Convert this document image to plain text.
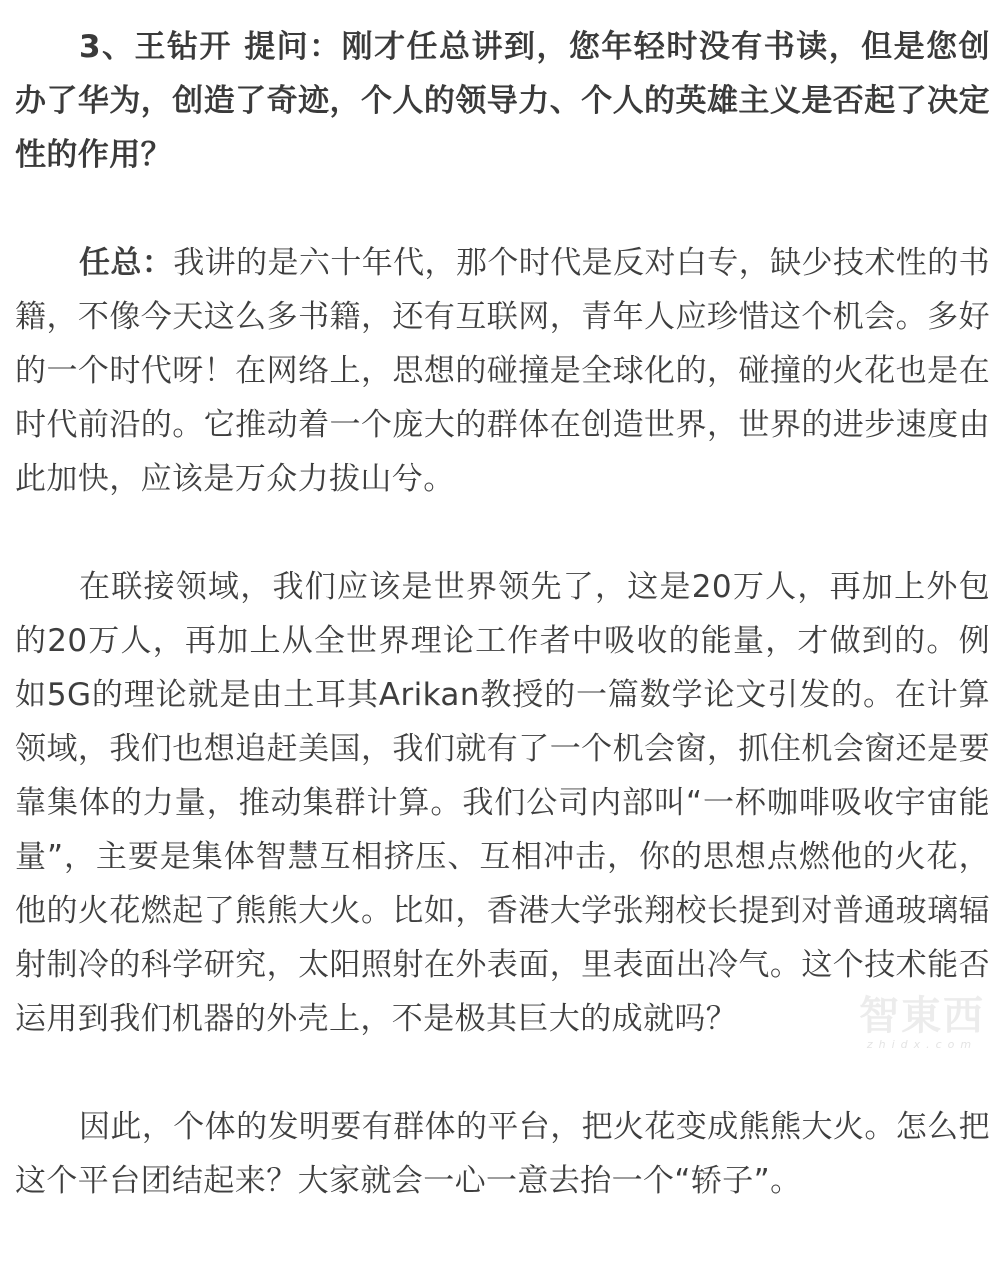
3、王钻开 提问：刚才任总讲到，您年轻时没有书读，但是您创办了华为，创造了奇迹，个人的领导力、个人的英雄主义是否起了决定性的作用？

任总：我讲的是六十年代，那个时代是反对白专，缺少技术性的书籍，不像今天这么多书籍，还有互联网，青年人应珍惜这个机会。多好的一个时代呀！在网络上，思想的碰撞是全球化的，碰撞的火花也是在时代前沿的。它推动着一个庞大的群体在创造世界，世界的进步速度由此加快，应该是万众力拔山兮。

在联接领域，我们应该是世界领先了，这是20万人，再加上外包的20万人，再加上从全世界理论工作者中吸收的能量，才做到的。例如5G的理论就是由土耳其Arikan教授的一篇数学论文引发的。在计算领域，我们也想追赶美国，我们就有了一个机会窗，抓住机会窗还是要靠集体的力量，推动集群计算。我们公司内部叫“一杯咖啡吸收宇宙能量”，主要是集体智慧互相挤压、互相冲击，你的思想点燃他的火花，他的火花燃起了熊熊大火。比如，香港大学张翔校长提到对普通玻璃辐射制冷的科学研究，太阳照射在外表面，里表面出冷气。这个技术能否运用到我们机器的外壳上，不是极其巨大的成就吗？

因此，个体的发明要有群体的平台，把火花变成熊熊大火。怎么把这个平台团结起来？大家就会一心一意去抬一个“轿子”。

智東西
zhidx.com
